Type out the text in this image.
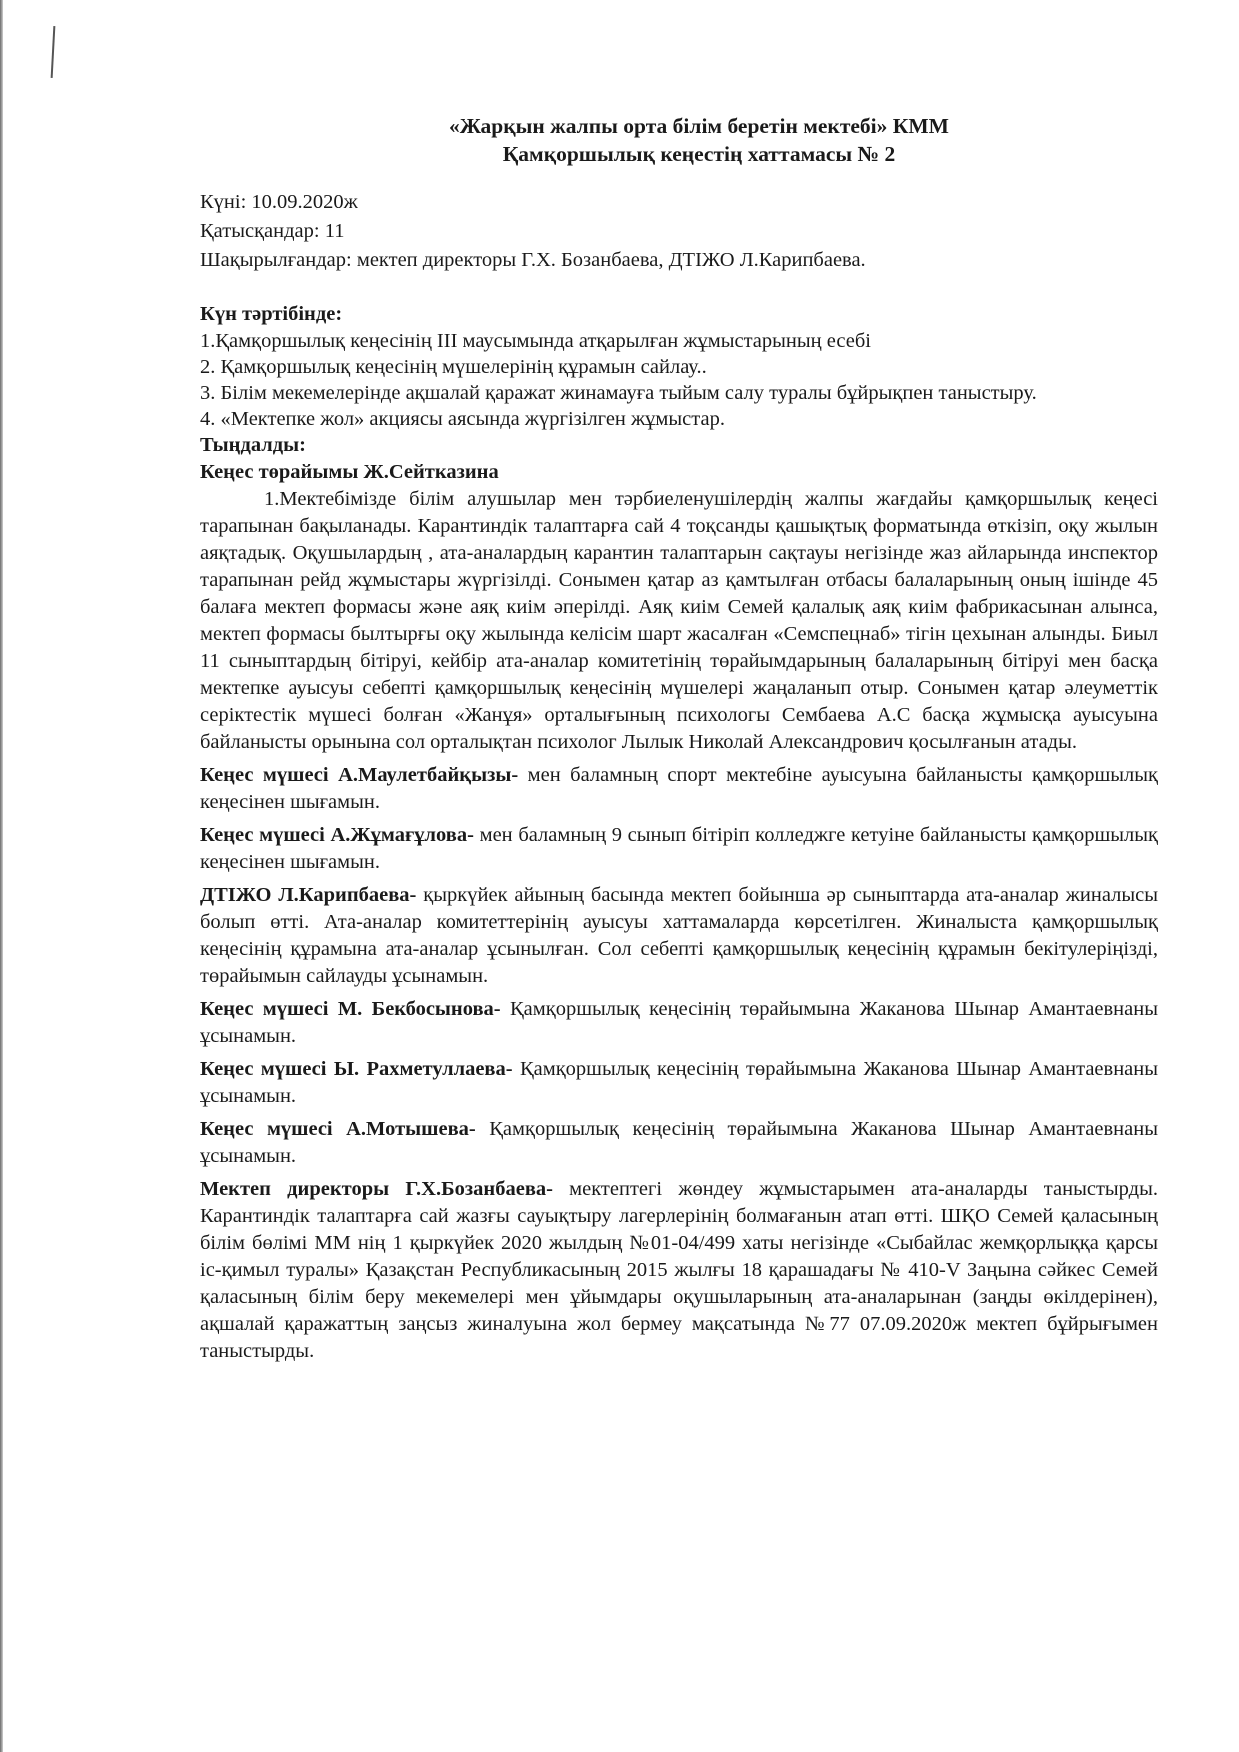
«Жарқын жалпы орта білім беретін мектебі» КММ
Қамқоршылық кеңестің хаттамасы № 2
Күні: 10.09.2020ж
Қатысқандар: 11
Шақырылғандар: мектеп директоры Г.Х. Бозанбаева, ДТІЖО Л.Карипбаева.
Күн тәртібінде:
1.Қамқоршылық кеңесінің III маусымында атқарылған жұмыстарының есебі
2. Қамқоршылық кеңесінің мүшелерінің құрамын сайлау..
3. Білім мекемелерінде ақшалай қаражат жинамауға тыйым салу туралы бұйрықпен таныстыру.
4. «Мектепке жол» акциясы аясында жүргізілген жұмыстар.
Тыңдалды:
Кеңес төрайымы Ж.Сейтказина

1.Мектебімізде білім алушылар мен тәрбиеленушілердің жалпы жағдайы қамқоршылық кеңесі тарапынан бақыланады. Карантиндік талаптарға сай 4 тоқсанды қашықтық форматында өткізіп, оқу жылын аяқтадық. Оқушылардың , ата-аналардың карантин талаптарын сақтауы негізінде жаз айларында инспектор тарапынан рейд жұмыстары жүргізілді. Сонымен қатар аз қамтылған отбасы балаларының оның ішінде 45 балаға мектеп формасы және аяқ киім әперілді. Аяқ киім Семей қалалық аяқ киім фабрикасынан алынса, мектеп формасы былтырғы оқу жылында келісім шарт жасалған «Семспецнаб» тігін цехынан алынды. Биыл 11 сыныптардың бітіруі, кейбір ата-аналар комитетінің төрайымдарының балаларының бітіруі мен басқа мектепке ауысуы себепті қамқоршылық кеңесінің мүшелері жаңаланып отыр. Сонымен қатар әлеуметтік серіктестік мүшесі болған «Жанұя» орталығының психологы Сембаева А.С басқа жұмысқа ауысуына байланысты орынына сол орталықтан психолог Лылык Николай Александрович қосылғанын атады.

Кеңес мүшесі А.Маулетбайқызы- мен баламның спорт мектебіне ауысуына байланысты қамқоршылық кеңесінен шығамын.

Кеңес мүшесі А.Жұмағұлова- мен баламның 9 сынып бітіріп колледжге кетуіне байланысты қамқоршылық кеңесінен шығамын.

ДТІЖО Л.Карипбаева- қыркүйек айының басында мектеп бойынша әр сыныптарда ата-аналар жиналысы болып өтті. Ата-аналар комитеттерінің ауысуы хаттамаларда көрсетілген. Жиналыста қамқоршылық кеңесінің құрамына ата-аналар ұсынылған. Сол себепті қамқоршылық кеңесінің құрамын бекітулеріңізді, төрайымын сайлауды ұсынамын.

Кеңес мүшесі М. Бекбосынова- Қамқоршылық кеңесінің төрайымына Жаканова Шынар Амантаевнаны ұсынамын.

Кеңес мүшесі Ы. Рахметуллаева- Қамқоршылық кеңесінің төрайымына Жаканова Шынар Амантаевнаны ұсынамын.

Кеңес мүшесі А.Мотышева- Қамқоршылық кеңесінің төрайымына Жаканова Шынар Амантаевнаны ұсынамын.

Мектеп директоры Г.Х.Бозанбаева- мектептегі жөндеу жұмыстарымен ата-аналарды таныстырды. Карантиндік талаптарға сай жазғы сауықтыру лагерлерінің болмағанын атап өтті. ШҚО Семей қаласының білім бөлімі ММ нің 1 қыркүйек 2020 жылдың №01-04/499 хаты негізінде «Сыбайлас жемқорлыққа қарсы іс-қимыл туралы» Қазақстан Республикасының 2015 жылғы 18 қарашадағы № 410-V Заңына сәйкес Семей қаласының білім беру мекемелері мен ұйымдары оқушыларының ата-аналарынан (заңды өкілдерінен), ақшалай қаражаттың заңсыз жиналуына жол бермеу мақсатында №77 07.09.2020ж мектеп бұйрығымен таныстырды.
